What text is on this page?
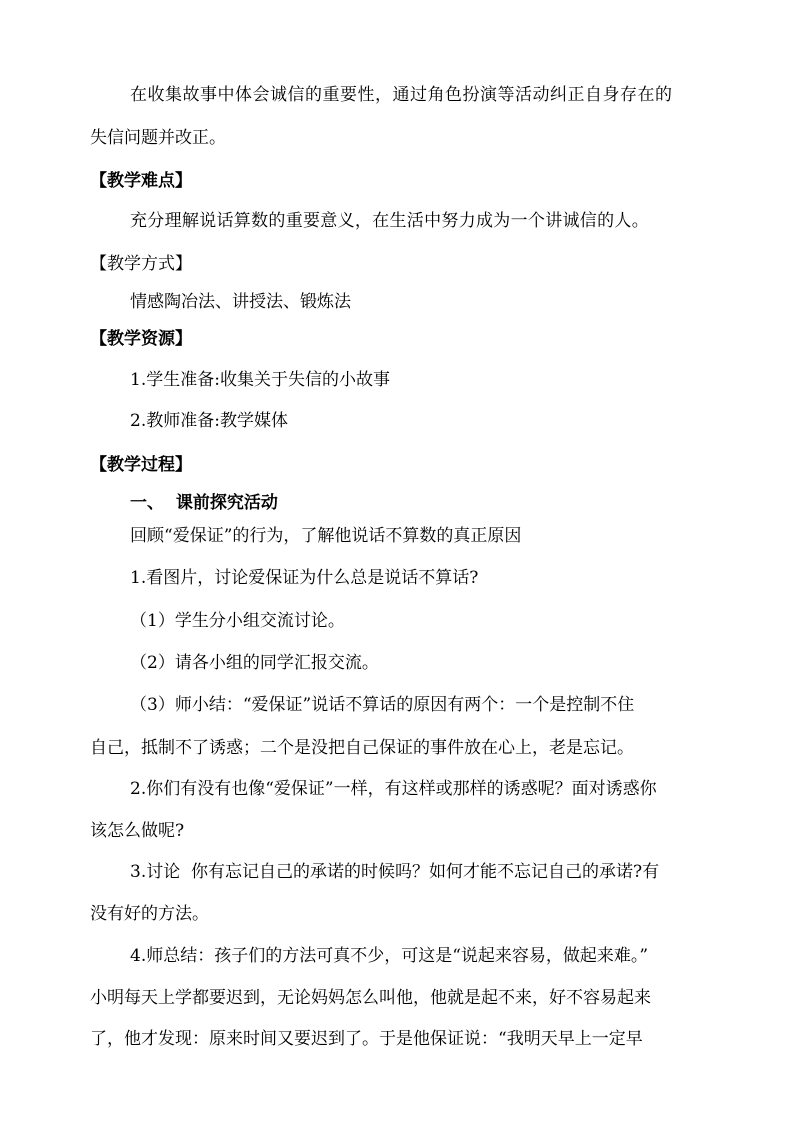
在收集故事中体会诚信的重要性，通过角色扮演等活动纠正自身存在的
失信问题并改正。
【教学难点】
充分理解说话算数的重要意义，在生活中努力成为一个讲诚信的人。
【教学方式】
情感陶冶法、讲授法、锻炼法
【教学资源】
1.学生准备:收集关于失信的小故事
2.教师准备:教学媒体
【教学过程】
一、  课前探究活动
回顾“爱保证”的行为，了解他说话不算数的真正原因
1.看图片，讨论爱保证为什么总是说话不算话?
（1）学生分小组交流讨论。
（2）请各小组的同学汇报交流。
（3）师小结：“爱保证”说话不算话的原因有两个：一个是控制不住
自己，抵制不了诱惑；二个是没把自己保证的事件放在心上，老是忘记。
2.你们有没有也像“爱保证”一样，有这样或那样的诱惑呢？面对诱惑你
该怎么做呢?
3.讨论  你有忘记自己的承诺的时候吗？如何才能不忘记自己的承诺?有
没有好的方法。
4.师总结：孩子们的方法可真不少，可这是“说起来容易，做起来难。”
小明每天上学都要迟到，无论妈妈怎么叫他，他就是起不来，好不容易起来
了，他才发现：原来时间又要迟到了。于是他保证说：“我明天早上一定早
